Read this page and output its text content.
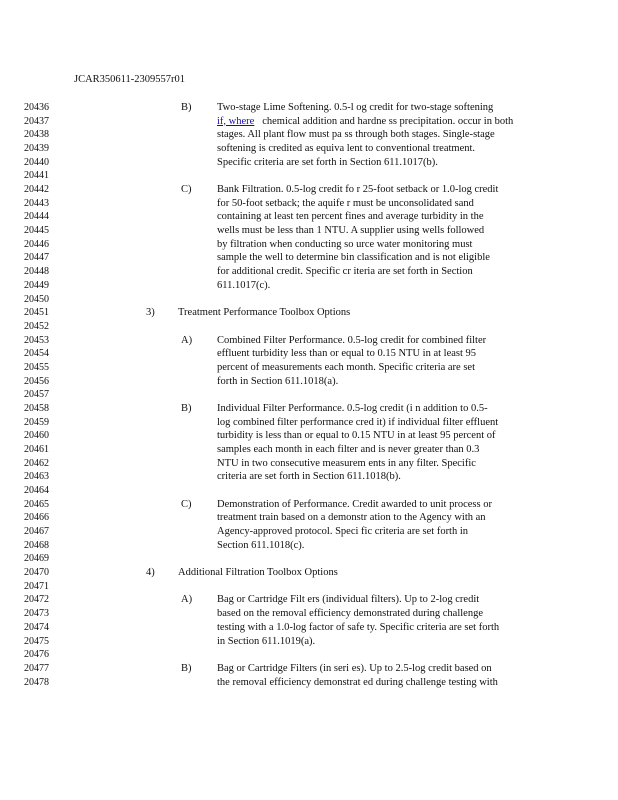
JCAR350611-2309557r01
20436
20437
20438
20439
20440
20441
20442
20443
20444
20445
20446
20447
20448
20449
20450
20451
20452
20453
20454
20455
20456
20457
20458
20459
20460
20461
20462
20463
20464
20465
20466
20467
20468
20469
20470
20471
20472
20473
20474
20475
20476
20477
20478
B) Two-stage Lime Softening. 0.5-l og credit for two-stage softening
if, where chemical addition and hardne ss precipitation. occur in both
stages. All plant flow must pa ss through both stages. Single-stage
softening is credited as equiva lent to conventional treatment.
Specific criteria are set forth in Section 611.1017(b).
C) Bank Filtration. 0.5-log credit fo r 25-foot setback or 1.0-log credit
for 50-foot setback; the aquife r must be unconsolidated sand
containing at least ten percent fines and average turbidity in the
wells must be less than 1 NTU. A supplier using wells followed
by filtration when conducting so urce water monitoring must
sample the well to determine bin classification and is not eligible
for additional credit. Specific cr iteria are set forth in Section
611.1017(c).
3) Treatment Performance Toolbox Options
A) Combined Filter Performance. 0.5-log credit for combined filter
effluent turbidity less than or equal to 0.15 NTU in at least 95
percent of measurements each month. Specific criteria are set
forth in Section 611.1018(a).
B) Individual Filter Performance. 0.5-log credit (i n addition to 0.5-
log combined filter performance cred it) if individual filter effluent
turbidity is less than or equal to 0.15 NTU in at least 95 percent of
samples each month in each filter and is never greater than 0.3
NTU in two consecutive measurem ents in any filter. Specific
criteria are set forth in Section 611.1018(b).
C) Demonstration of Performance. Credit awarded to unit process or
treatment train based on a demonstr ation to the Agency with an
Agency-approved protocol. Speci fic criteria are set forth in
Section 611.1018(c).
4) Additional Filtration Toolbox Options
A) Bag or Cartridge Filt ers (individual filters). Up to 2-log credit
based on the removal efficiency demonstrated during challenge
testing with a 1.0-log factor of safe ty. Specific criteria are set forth
in Section 611.1019(a).
B) Bag or Cartridge Filters (in seri es). Up to 2.5-log credit based on
the removal efficiency demonstrat ed during challenge testing with
